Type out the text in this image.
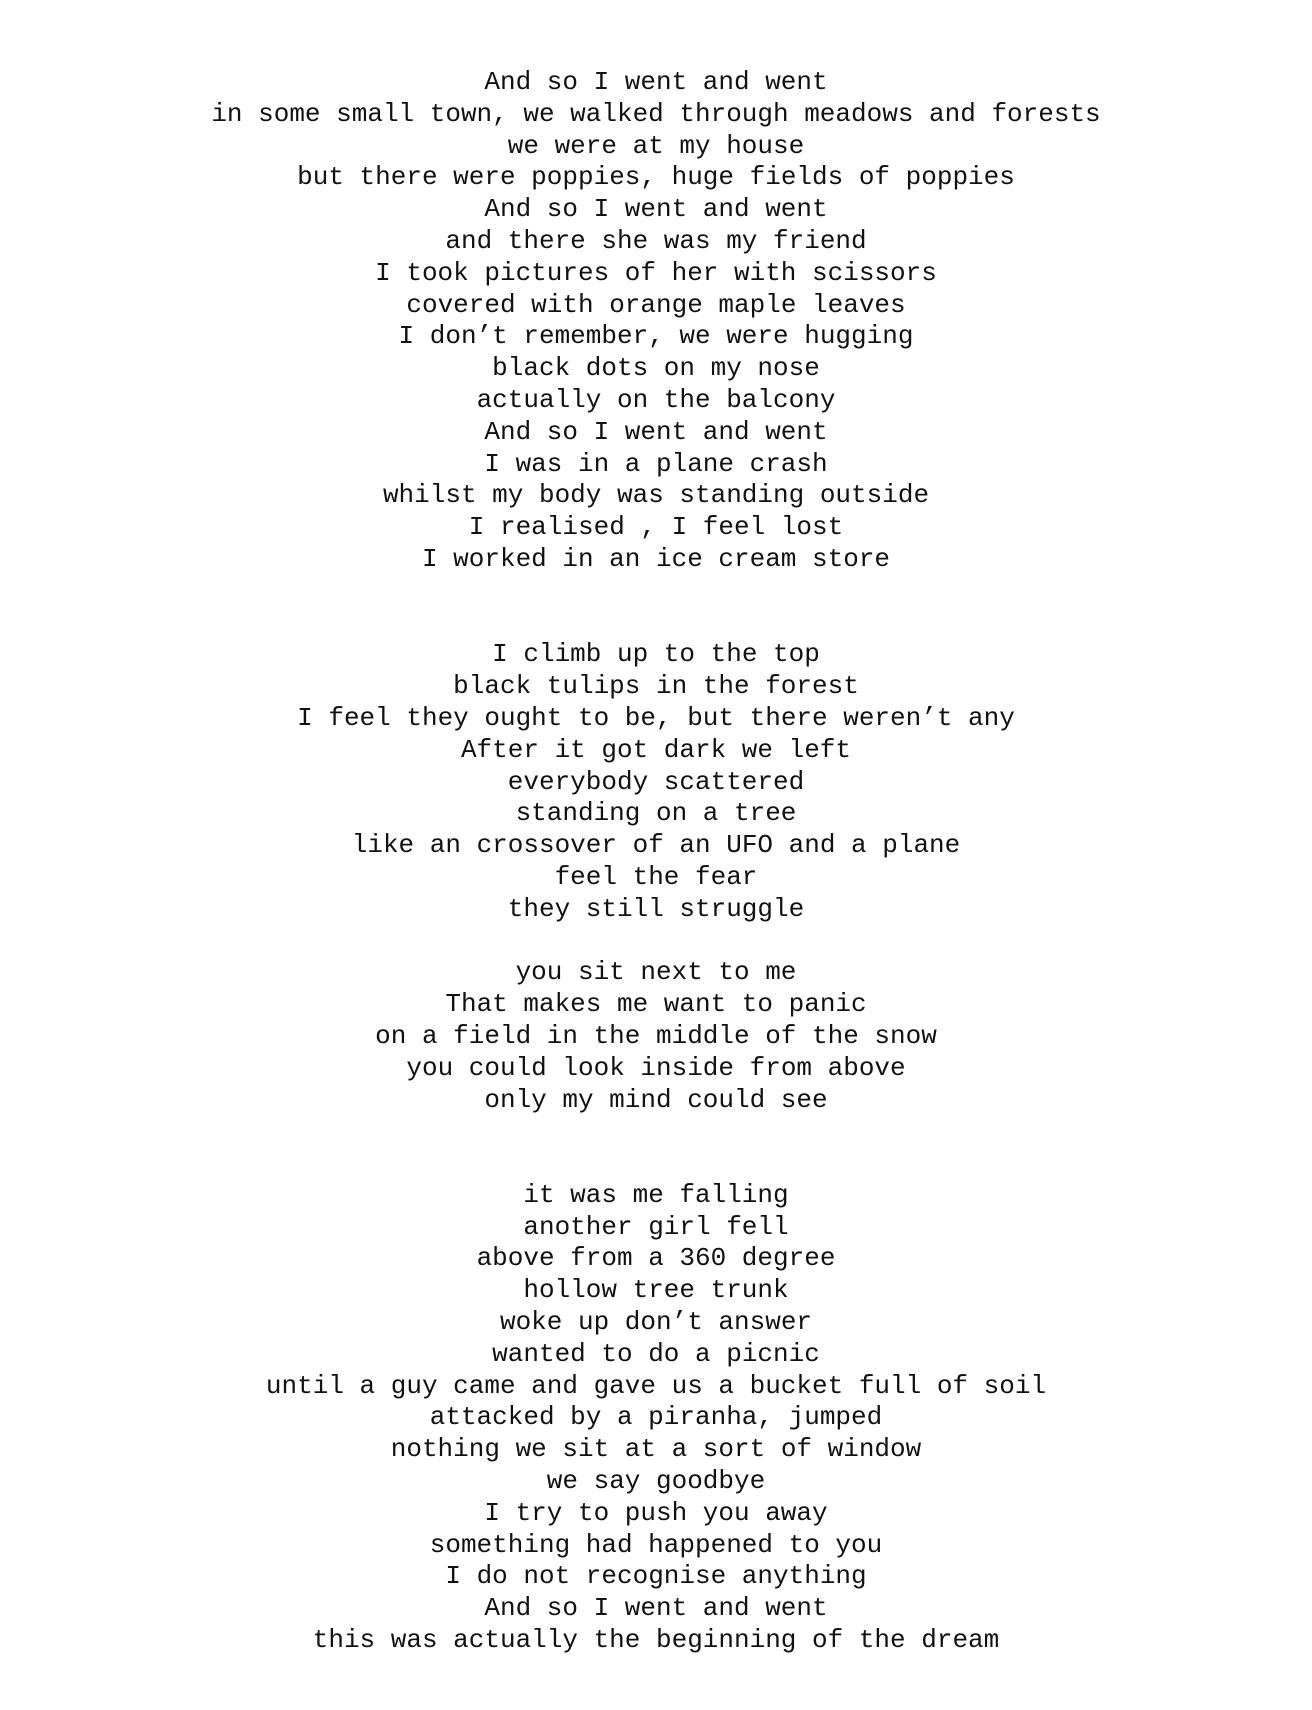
And so I went and went
in some small town, we walked through meadows and forests
we were at my house
but there were poppies, huge fields of poppies
And so I went and went
and there she was my friend
I took pictures of her with scissors
covered with orange maple leaves
I don’t remember, we were hugging
black dots on my nose
actually on the balcony
And so I went and went
I was in a plane crash
whilst my body was standing outside
I realised , I feel lost
I worked in an ice cream store
I climb up to the top
black tulips in the forest
I feel they ought to be, but there weren’t any
After it got dark we left
everybody scattered
standing on a tree
like an crossover of an UFO and a plane
feel the fear
they still struggle
you sit next to me
That makes me want to panic
on a field in the middle of the snow
you could look inside from above
only my mind could see
it was me falling
another girl fell
above from a 360 degree
hollow tree trunk
woke up don’t answer
wanted to do a picnic
until a guy came and gave us a bucket full of soil
attacked by a piranha, jumped
nothing we sit at a sort of window
we say goodbye
I try to push you away
something had happened to you
I do not recognise anything
And so I went and went
this was actually the beginning of the dream
